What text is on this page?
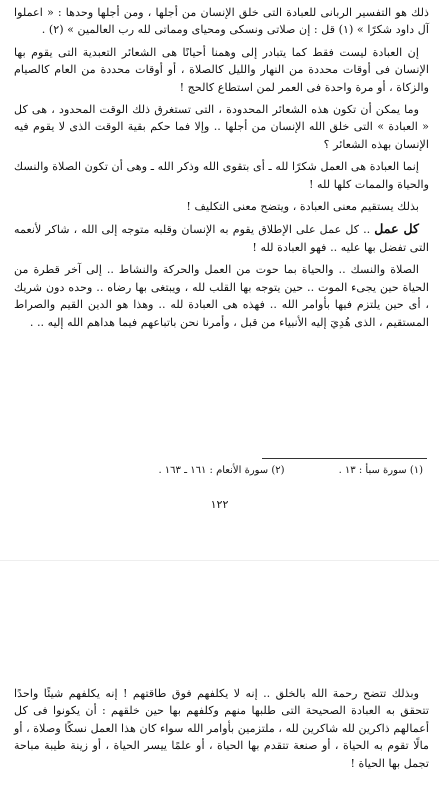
ذلك هو التفسير الربانى للعبادة التى خلق الإنسان من أجلها ، ومن أجلها وحدها : « اعملوا آل داود شكرًا » (١) قل : إن صلاتى ونسكى ومحياى ومماتى لله رب العالمين » (٢) .

إن العبادة ليست فقط كما يتبادر إلى وهمنا أحيانًا هى الشعائر التعبدية التى يقوم بها الإنسان فى أوقات محددة من النهار والليل كالصلاة ، أو أوقات محددة من العام كالصيام والزكاة ، أو مرة واحدة فى العمر لمن استطاع كالحج !

وما يمكن أن تكون هذه الشعائر المحدودة ، التى تستغرق ذلك الوقت المحدود ، هى كل « العبادة » التى خلق الله الإنسان من أجلها .. وإلا فما حكم بقية الوقت الذى لا يقوم فيه الإنسان بهذه الشعائر ؟

إنما العبادة هى العمل شكرًا لله ـ أى بتقوى الله وذكر الله ـ وهى أن تكون الصلاة والنسك والحياة والممات كلها لله !

بذلك يستقيم معنى العبادة ، ويتضح معنى التكليف !

كل عمل .. كل عمل على الإطلاق يقوم به الإنسان وقلبه متوجه إلى الله ، شاكر لأنعمه التى تفضل بها عليه .. فهو العبادة لله !

الصلاة والنسك .. والحياة بما حوت من العمل والحركة والنشاط .. إلى آخر قطرة من الحياة حين يجىء الموت .. حين يتوجه بها القلب لله ، ويبتغى بها رضاه .. وحده دون شريك ، أى حين يلتزم فيها بأوامر الله .. فهذه هى العبادة لله .. وهذا هو الدين القيم والصراط المستقيم ، الذى هُدِيَ إليه الأنبياء من قبل ، وأمرنا نحن باتباعهم فيما هداهم الله إليه .. .

(١) سورة سبأ : ١٣ .(٢) سورة الأنعام : ١٦١ ـ ١٦٣ .
١٢٢

وبذلك تتضح رحمة الله بالخلق .. إنه لا يكلفهم فوق طاقتهم ! إنه يكلفهم شيئًا واحدًا تتحقق به العبادة الصحيحة التى طلبها منهم وكلفهم بها حين خلقهم : أن يكونوا فى كل أعمالهم ذاكرين لله شاكرين لله ، ملتزمين بأوامر الله سواء كان هذا العمل نسكًا وصلاة ، أو مالًا تقوم به الحياة ، أو صنعة تتقدم بها الحياة ، أو علمًا ييسر الحياة ، أو زينة طيبة مباحة تجمل بها الحياة !
